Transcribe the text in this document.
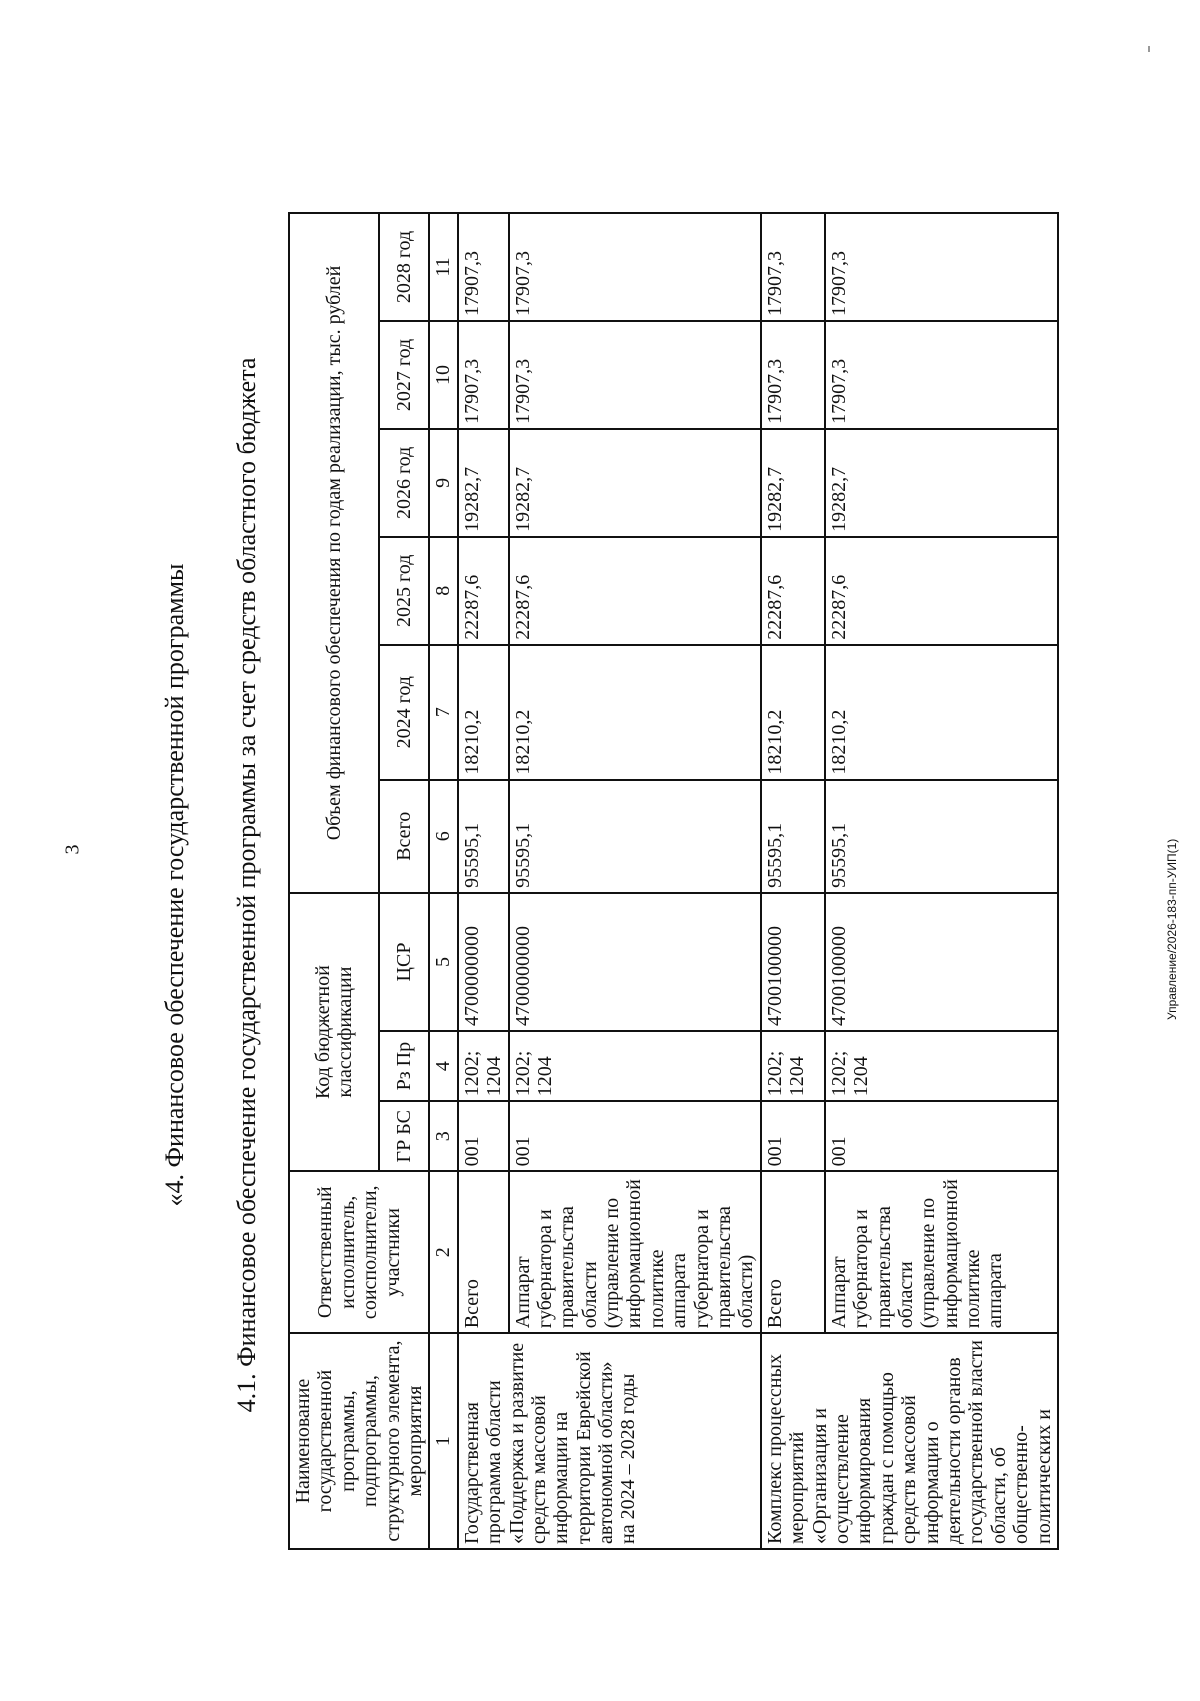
3	Управление/2026-183-пп-УИП(1)
«4. Финансовое обеспечение государственной программы 4.1. Финансовое обеспечение государственной программы за счет средств областного бюджета
Наименование государственной программы, подпрограммы, структурного элемента, мероприятия	Ответственный исполнитель, соисполнители, участники	Код бюджетной классификации			Объем финансового обеспечения по годам реализации, тыс. рублей					
		ГР БС	Рз Пр	ЦСР	Всего	2024 год	2025 год	2026 год	2027 год	2028 год
1	2	3	4	5	6	7	8	9	10	11
Государственная программа области «Поддержка и развитие средств массовой информации на территории Еврейской автономной области» на 2024 – 2028 годы	Всего	001	1202; 1204	4700000000	95595,1	18210,2	22287,6	19282,7	17907,3	17907,3
	Аппарат губернатора и правительства области (управление по информационной политике аппарата губернатора и правительства области)	001	1202; 1204	4700000000	95595,1	18210,2	22287,6	19282,7	17907,3	17907,3
Комплекс процессных мероприятий «Организация и осуществление информирования граждан с помощью средств массовой информации о деятельности органов государственной власти области, об общественно-политических и	Всего	001	1202; 1204	4700100000	95595,1	18210,2	22287,6	19282,7	17907,3	17907,3
	Аппарат губернатора и правительства области (управление по информационной политике аппарата	001	1202; 1204	4700100000	95595,1	18210,2	22287,6	19282,7	17907,3	17907,3
